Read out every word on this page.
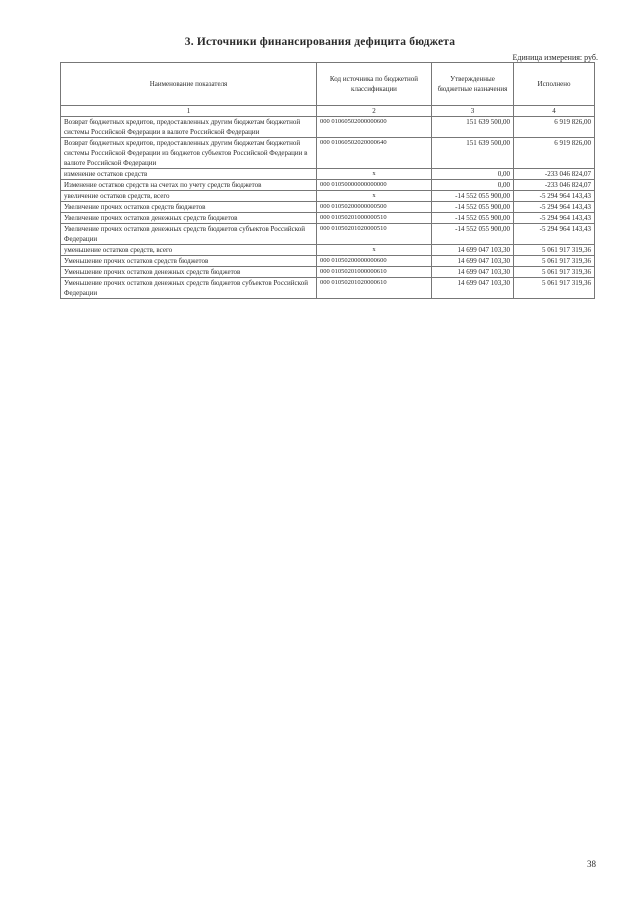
3. Источники финансирования дефицита бюджета
Единица измерения: руб.
Наименование показателя	Код источника по бюджетной классификации	Утвержденные бюджетные назначения	Исполнено
1	2	3	4
Возврат бюджетных кредитов, предоставленных другим бюджетам бюджетной системы Российской Федерации в валюте Российской Федерации	000 01060502000000600	151 639 500,00	6 919 826,00
Возврат бюджетных кредитов, предоставленных другим бюджетам бюджетной системы Российской Федерации из бюджетов субъектов Российской Федерации в валюте Российской Федерации	000 01060502020000640	151 639 500,00	6 919 826,00
изменение остатков средств	x	0,00	-233 046 824,07
Изменение остатков средств на счетах по учету средств бюджетов	000 01050000000000000	0,00	-233 046 824,07
увеличение остатков средств, всего	x	-14 552 055 900,00	-5 294 964 143,43
Увеличение прочих остатков средств бюджетов	000 01050200000000500	-14 552 055 900,00	-5 294 964 143,43
Увеличение прочих остатков денежных средств бюджетов	000 01050201000000510	-14 552 055 900,00	-5 294 964 143,43
Увеличение прочих остатков денежных средств бюджетов субъектов Российской Федерации	000 01050201020000510	-14 552 055 900,00	-5 294 964 143,43
уменьшение остатков средств, всего	x	14 699 047 103,30	5 061 917 319,36
Уменьшение прочих остатков средств бюджетов	000 01050200000000600	14 699 047 103,30	5 061 917 319,36
Уменьшение прочих остатков денежных средств бюджетов	000 01050201000000610	14 699 047 103,30	5 061 917 319,36
Уменьшение прочих остатков денежных средств бюджетов субъектов Российской Федерации	000 01050201020000610	14 699 047 103,30	5 061 917 319,36
38
